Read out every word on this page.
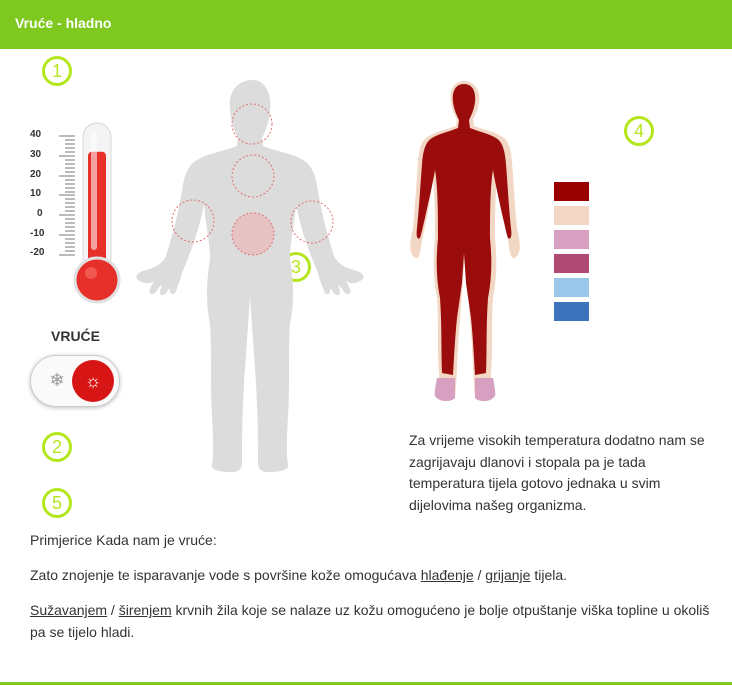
Vruće - hladno
1
2
3
4
5
40
30
20
10
0
-10
-20
VRUĆE
❄ ☼
Za vrijeme visokih temperatura dodatno nam se zagrijavaju dlanovi i stopala pa je tada temperatura tijela gotovo jednaka u svim dijelovima našeg organizma.
Primjerice Kada nam je vruće:
Zato znojenje te isparavanje vode s površine kože omogućava hlađenje / grijanje tijela.
Sužavanjem / širenjem krvnih žila koje se nalaze uz kožu omogućeno je bolje otpuštanje viška topline u okoliš pa se tijelo hladi.
